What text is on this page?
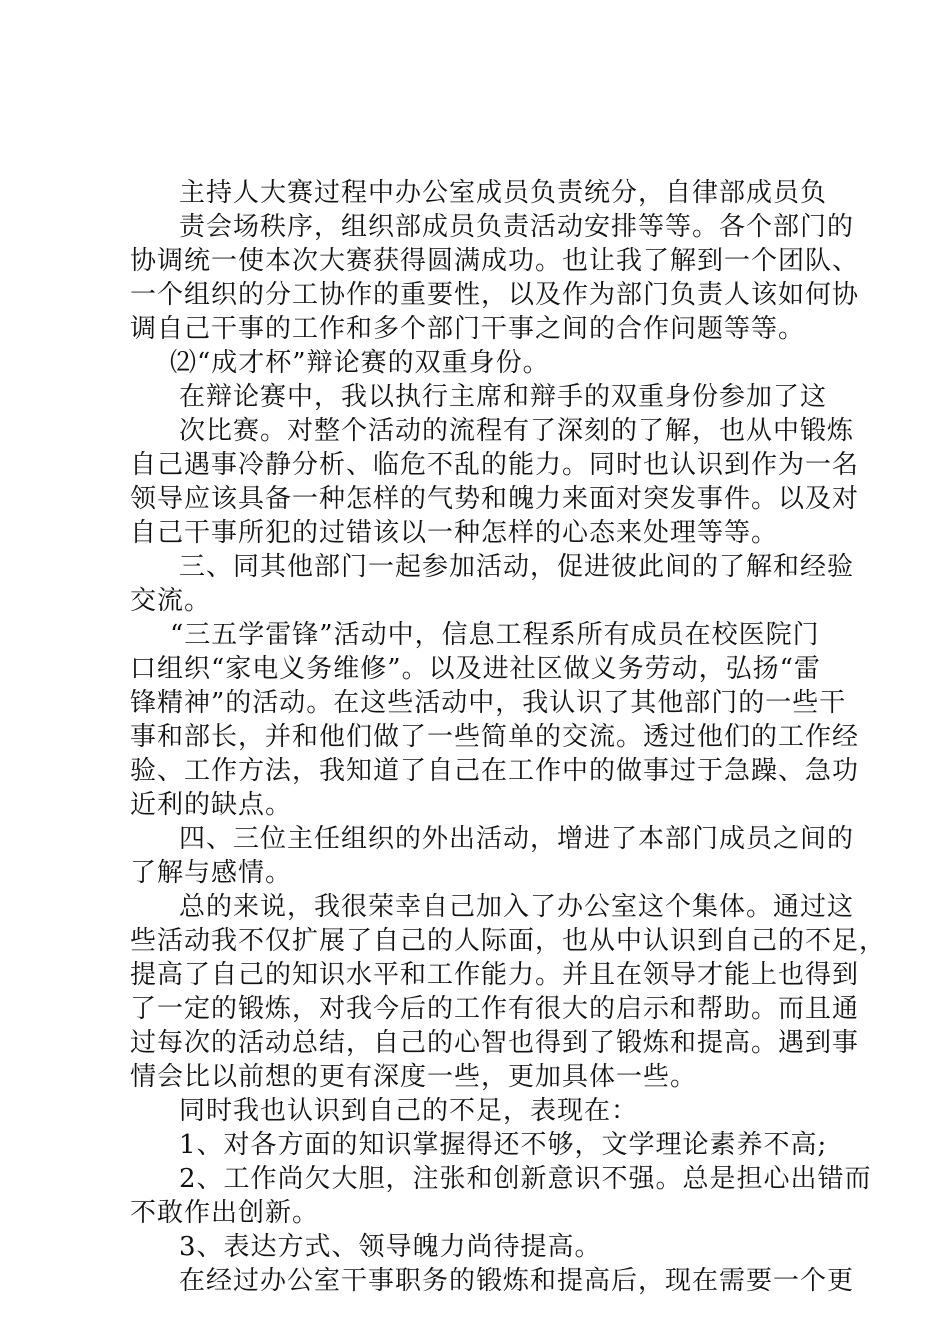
主持人大赛过程中办公室成员负责统分，自律部成员负
责会场秩序，组织部成员负责活动安排等等。各个部门的
协调统一使本次大赛获得圆满成功。也让我了解到一个团队、
一个组织的分工协作的重要性，以及作为部门负责人该如何协
调自己干事的工作和多个部门干事之间的合作问题等等。
⑵“成才杯”辩论赛的双重身份。
在辩论赛中，我以执行主席和辩手的双重身份参加了这
次比赛。对整个活动的流程有了深刻的了解，也从中锻炼
自己遇事冷静分析、临危不乱的能力。同时也认识到作为一名
领导应该具备一种怎样的气势和魄力来面对突发事件。以及对
自己干事所犯的过错该以一种怎样的心态来处理等等。
三、同其他部门一起参加活动，促进彼此间的了解和经验
交流。
“三五学雷锋”活动中，信息工程系所有成员在校医院门
口组织“家电义务维修”。以及进社区做义务劳动，弘扬“雷
锋精神”的活动。在这些活动中，我认识了其他部门的一些干
事和部长，并和他们做了一些简单的交流。透过他们的工作经
验、工作方法，我知道了自己在工作中的做事过于急躁、急功
近利的缺点。
四、三位主任组织的外出活动，增进了本部门成员之间的
了解与感情。
总的来说，我很荣幸自己加入了办公室这个集体。通过这
些活动我不仅扩展了自己的人际面，也从中认识到自己的不足，
提高了自己的知识水平和工作能力。并且在领导才能上也得到
了一定的锻炼，对我今后的工作有很大的启示和帮助。而且通
过每次的活动总结，自己的心智也得到了锻炼和提高。遇到事
情会比以前想的更有深度一些，更加具体一些。
同时我也认识到自己的不足，表现在：
1、对各方面的知识掌握得还不够，文学理论素养不高;
2、工作尚欠大胆，注张和创新意识不强。总是担心出错而
不敢作出创新。
3、表达方式、领导魄力尚待提高。
在经过办公室干事职务的锻炼和提高后，现在需要一个更
